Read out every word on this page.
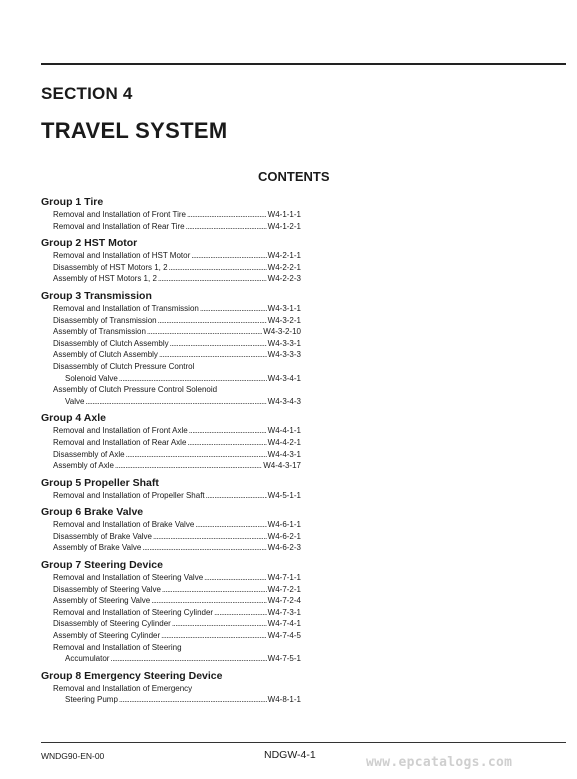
SECTION 4
TRAVEL SYSTEM
CONTENTS
Group 1 Tire
Removal and Installation of Front Tire .....	W4-1-1-1
Removal and Installation of Rear Tire .....	W4-1-2-1
Group 2 HST Motor
Removal and Installation of HST Motor .....	W4-2-1-1
Disassembly of HST Motors 1, 2 .....	W4-2-2-1
Assembly of HST Motors 1, 2 .....	W4-2-2-3
Group 3 Transmission
Removal and Installation of Transmission .....	W4-3-1-1
Disassembly of Transmission .....	W4-3-2-1
Assembly of Transmission .....	W4-3-2-10
Disassembly of Clutch Assembly .....	W4-3-3-1
Assembly of Clutch Assembly .....	W4-3-3-3
Disassembly of Clutch Pressure Control
Solenoid Valve .....	W4-3-4-1
Assembly of Clutch Pressure Control Solenoid
Valve .....	W4-3-4-3
Group 4 Axle
Removal and Installation of Front Axle .....	W4-4-1-1
Removal and Installation of Rear Axle .....	W4-4-2-1
Disassembly of Axle .....	W4-4-3-1
Assembly of Axle .....	W4-4-3-17
Group 5 Propeller Shaft
Removal and Installation of Propeller Shaft .....	W4-5-1-1
Group 6 Brake Valve
Removal and Installation of Brake Valve .....	W4-6-1-1
Disassembly of Brake Valve .....	W4-6-2-1
Assembly of Brake Valve .....	W4-6-2-3
Group 7 Steering Device
Removal and Installation of Steering Valve .....	W4-7-1-1
Disassembly of Steering Valve .....	W4-7-2-1
Assembly of Steering Valve .....	W4-7-2-4
Removal and Installation of Steering Cylinder .....	W4-7-3-1
Disassembly of Steering Cylinder .....	W4-7-4-1
Assembly of Steering Cylinder .....	W4-7-4-5
Removal and Installation of Steering
Accumulator .....	W4-7-5-1
Group 8 Emergency Steering Device
Removal and Installation of Emergency
Steering Pump .....	W4-8-1-1
WNDG90-EN-00	NDGW-4-1	www.epcatalogs.com
